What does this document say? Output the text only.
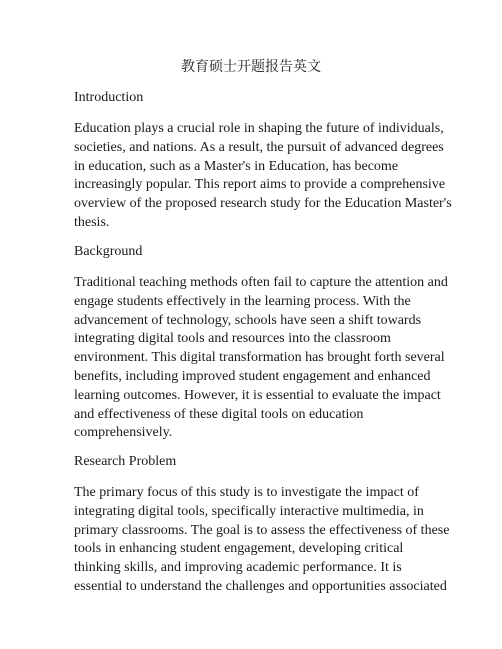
教育硕士开题报告英文
Introduction

Education plays a crucial role in shaping the future of individuals,
societies, and nations. As a result, the pursuit of advanced degrees
in education, such as a Master's in Education, has become
increasingly popular. This report aims to provide a comprehensive
overview of the proposed research study for the Education Master's
thesis.

Background

Traditional teaching methods often fail to capture the attention and
engage students effectively in the learning process. With the
advancement of technology, schools have seen a shift towards
integrating digital tools and resources into the classroom
environment. This digital transformation has brought forth several
benefits, including improved student engagement and enhanced
learning outcomes. However, it is essential to evaluate the impact
and effectiveness of these digital tools on education
comprehensively.

Research Problem

The primary focus of this study is to investigate the impact of
integrating digital tools, specifically interactive multimedia, in
primary classrooms. The goal is to assess the effectiveness of these
tools in enhancing student engagement, developing critical
thinking skills, and improving academic performance. It is
essential to understand the challenges and opportunities associated
